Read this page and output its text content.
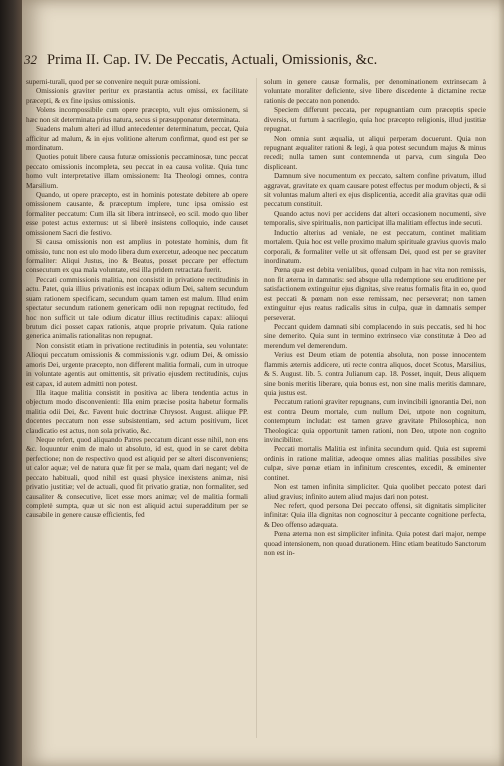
32 Prima II. Cap. IV. De Peccatis, Actuali, Omissionis, &c.

superni-turali, quod per se convenire nequit puræ omissioni.

Omissionis graviter peritur ex præstantia actus omissi, ex facilitate præcepti, & ex fine ipsius omissionis.

Volens incompossibile cum opere præcepto, vult ejus omissionem, si hæc non sit determinata prius natura, secus si præsupponatur determinata.

Suadens malum alteri ad illud antecedenter determinatum, peccat, Quia afficitur ad malum, & in ejus volitione alterum confirmat, quod est per se mordinatum.

Quoties potuit libere causa futuræ omissionis peccaminosæ, tunc peccat peccato omissionis incompleta, seu peccat in ea causa volitæ. Quia tunc homo vult interpretative illam omissionem: Ita Theologi omnes, contra Marsilium.

Quando, ut opere præcepto, est in hominis potestate debitere ab opere omissionem causante, & præceptum implere, tunc ipsa omissio est formaliter peccatum: Cum illa sit libera intrinsecè, eo scil. modo quo liber esse potest actus externus: ut si liberè insistens colloquio, inde causet omissionem Sacri die festivo.

Si causa omissionis non est amplius in potestate hominis, dum fit omissio, tunc non est ulo modo libera dum exercetur, adeoque nec peccatum formaliter: Aliqui Justus, ino & Beatus, posset peccare per effectum consecutum ex qua mala voluntate, etsi illa pridem retractata fuerit.

Peccati commissionis malitia, non consistit in privatione rectitudinis in actu. Patet, quia illius privationis est incapax odium Dei, saltem secundum suam rationem specificam, secundum quam tamen est malum. Illud enim spectatur secundum rationem genericam odii non repugnat rectitudo, fed hoc non sufficit ut tale odium dicatur illius rectitudinis capax: aliioqui brutum dici posset capax rationis, atque proprie privatum. Quia ratione generica animalis rationalitas non repugnat.

Non consistit etiam in privatione rectitudinis in potentia, seu voluntate: Alioqui peccatum omissionis & commissionis v.gr. odium Dei, & omissio amoris Dei, urgente præcepto, non different malitia formali, cum in utroque in voluntate agentis aut omittentis, sit privatio ejusdem rectitudinis, cujus est capax, id autem admitti non potest.

Illa itaque malitia consistit in positiva ac libera tendentia actus in objectum modo disconvenienti: Illa enim præcise posita habetur formalis malitia odii Dei, &c. Favent huic doctrinæ Chrysost. August. aliique PP. docentes peccatum non esse subsistentiam, sed actum positivum, licet claudicatio est actus, non sola privatio, &c.

Neque refert, quod aliquando Patres peccatum dicant esse nihil, non ens &c. loquuntur enim de malo ut absoluto, id est, quod in se caret debita perfectione; non de respectivo quod est aliquid per se alteri disconveniens; ut calor aquæ; vel de natura quæ fit per se mala, quam dari negant; vel de peccato habituali, quod nihil est quasi physice inexistens animæ, nisi privatio justitiæ; vel de actuali, quod fit privatio gratiæ, non formaliter, sed causaliter & consecutive, licet esse mors animæ; vel de malitia formali completè sumpta, quæ ut sic non est aliquid actui superadditum per se causabile in genere causæ efficientis, fed

solum in genere causæ formalis, per denominationem extrinsecam à voluntate moraliter deficiente, sive libere discedente à dictamine rectæ rationis de peccato non ponendo.

Speciem differunt peccata, per repugnantiam cum præceptis specie diversis, ut furtum à sacrilegio, quia hoc præcepto religionis, illud justitiæ repugnat.

Non omnia sunt æqualia, ut aliqui perperam docuerunt. Quia non repugnant æqualiter rationi & legi, à qua potest secundum majus & minus recedi; nulla tamen sunt contemnenda ut parva, cum singula Deo displiceant.

Damnum sive nocumentum ex peccato, saltem confine privatum, illud aggravat, gravitate ex quam causare potest effectus per modum objecti, & si sit voluntas malum alteri ex ejus displicentia, accedit alia gravitas quæ odii peccatum constituit.

Quando actus novi per accidens dat alteri occasionem nocumenti, sive temporalis, sive spiritualis, non participat illa malitiam effectus inde secuti.

Inductio alterius ad veniale, ne est peccatum, continet malitiam mortalem. Quia hoc est velle proximo malum spirituale gravius quovis malo corporali, & formaliter velle ut sit offensam Dei, quod est per se graviter inordinatum.

Pœna quæ est debita venialibus, quoad culpam in hac vita non remissis, non fit æterna in damnatis: sed absque ulla redemptione seu eruditione per satisfactionem extinguitur ejus dignitas, sive reatus formalis fita in eo, quod est peccati & pœnam non esse remissam, nec perseverat; non tamen extinguitur ejus reatus radicalis situs in culpa, quæ in damnatis semper perseverat.

Peccant quidem damnati sibi complacendo in suis peccatis, sed hi hoc sine demerito. Quia sunt in termino extrinseco viæ constitutæ à Deo ad merendum vel demerendum.

Verius est Deum etiam de potentia absoluta, non posse innocentem flammis æternis addicere, uti recte contra aliquos, docet Scotus, Marsilius, & S. August. lib. 5. contra Julianum cap. 18. Posset, inquit, Deus aliquem sine bonis meritis liberare, quia bonus est, non sine malis meritis damnare, quia justus est.

Peccatum rationi graviter repugnans, cum invincibili ignorantia Dei, non est contra Deum mortale, cum nullum Dei, utpote non cognitum, contemptum includat: est tamen grave gravitate Philosophica, non Theologica: quia opportunit tamen rationi, non Deo, utpote non cognito invincibiliter.

Peccati mortalis Malitia est infinita secundum quid. Quia est supremi ordinis in ratione malitiæ, adeoque omnes alias malitias possibiles sive culpæ, sive pœnæ etiam in infinitum crescentes, excedit, & eminenter continet.

Non est tamen infinita simpliciter. Quia quolibet peccato potest dari aliud gravius; infinito autem aliud majus dari non potest.

Nec refert, quod persona Dei peccato offensi, sit dignitatis simpliciter infinitæ: Quia illa dignitas non cognoscitur à peccante cognitione perfecta, & Deo offenso adæquata.

Pœna æterna non est simpliciter infinita. Quia potest dari major, nempe quoad intensionem, non quoad durationem. Hinc etiam beatitudo Sanctorum non est in-
